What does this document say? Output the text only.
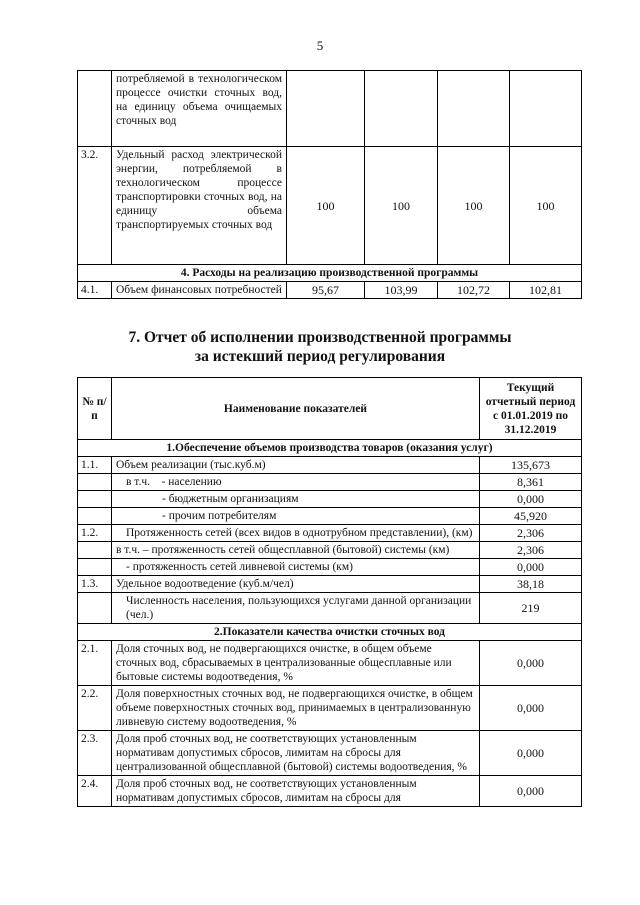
5
	потребляемой в технологическом процессе очистки сточных вод, на единицу объема очищаемых сточных вод				
3.2.	Удельный расход электрической энергии, потребляемой в технологическом процессе транспортировки сточных вод, на единицу объема транспортируемых сточных вод	100	100	100	100
4. Расходы на реализацию производственной программы					
4.1.	Объем финансовых потребностей	95,67	103,99	102,72	102,81
7. Отчет об исполнении производственной программы
за истекший период регулирования
№ п/п	Наименование показателей	Текущий отчетный период с 01.01.2019 по 31.12.2019
1.Обеспечение объемов производства товаров (оказания услуг)		
1.1.	Объем реализации (тыс.куб.м)	135,673
	в т.ч.    - населению	8,361
	- бюджетным организациям	0,000
	- прочим потребителям	45,920
1.2.	Протяженность сетей (всех видов в однотрубном представлении), (км)	2,306
	в т.ч. – протяженность сетей общесплавной (бытовой) системы (км)	2,306
	- протяженность сетей ливневой системы (км)	0,000
1.3.	Удельное водоотведение (куб.м/чел)	38,18
	Численность населения, пользующихся услугами данной организации (чел.)	219
2.Показатели качества очистки сточных вод		
2.1.	Доля сточных вод, не подвергающихся очистке, в общем объеме сточных вод, сбрасываемых в централизованные общесплавные или бытовые системы водоотведения, %	0,000
2.2.	Доля поверхностных сточных вод, не подвергающихся очистке, в общем объеме поверхностных сточных вод, принимаемых в централизованную ливневую систему водоотведения, %	0,000
2.3.	Доля проб сточных вод, не соответствующих установленным нормативам допустимых сбросов, лимитам на сбросы для централизованной общесплавной (бытовой) системы водоотведения, %	0,000
2.4.	Доля проб сточных вод, не соответствующих установленным нормативам допустимых сбросов, лимитам на сбросы для	0,000
